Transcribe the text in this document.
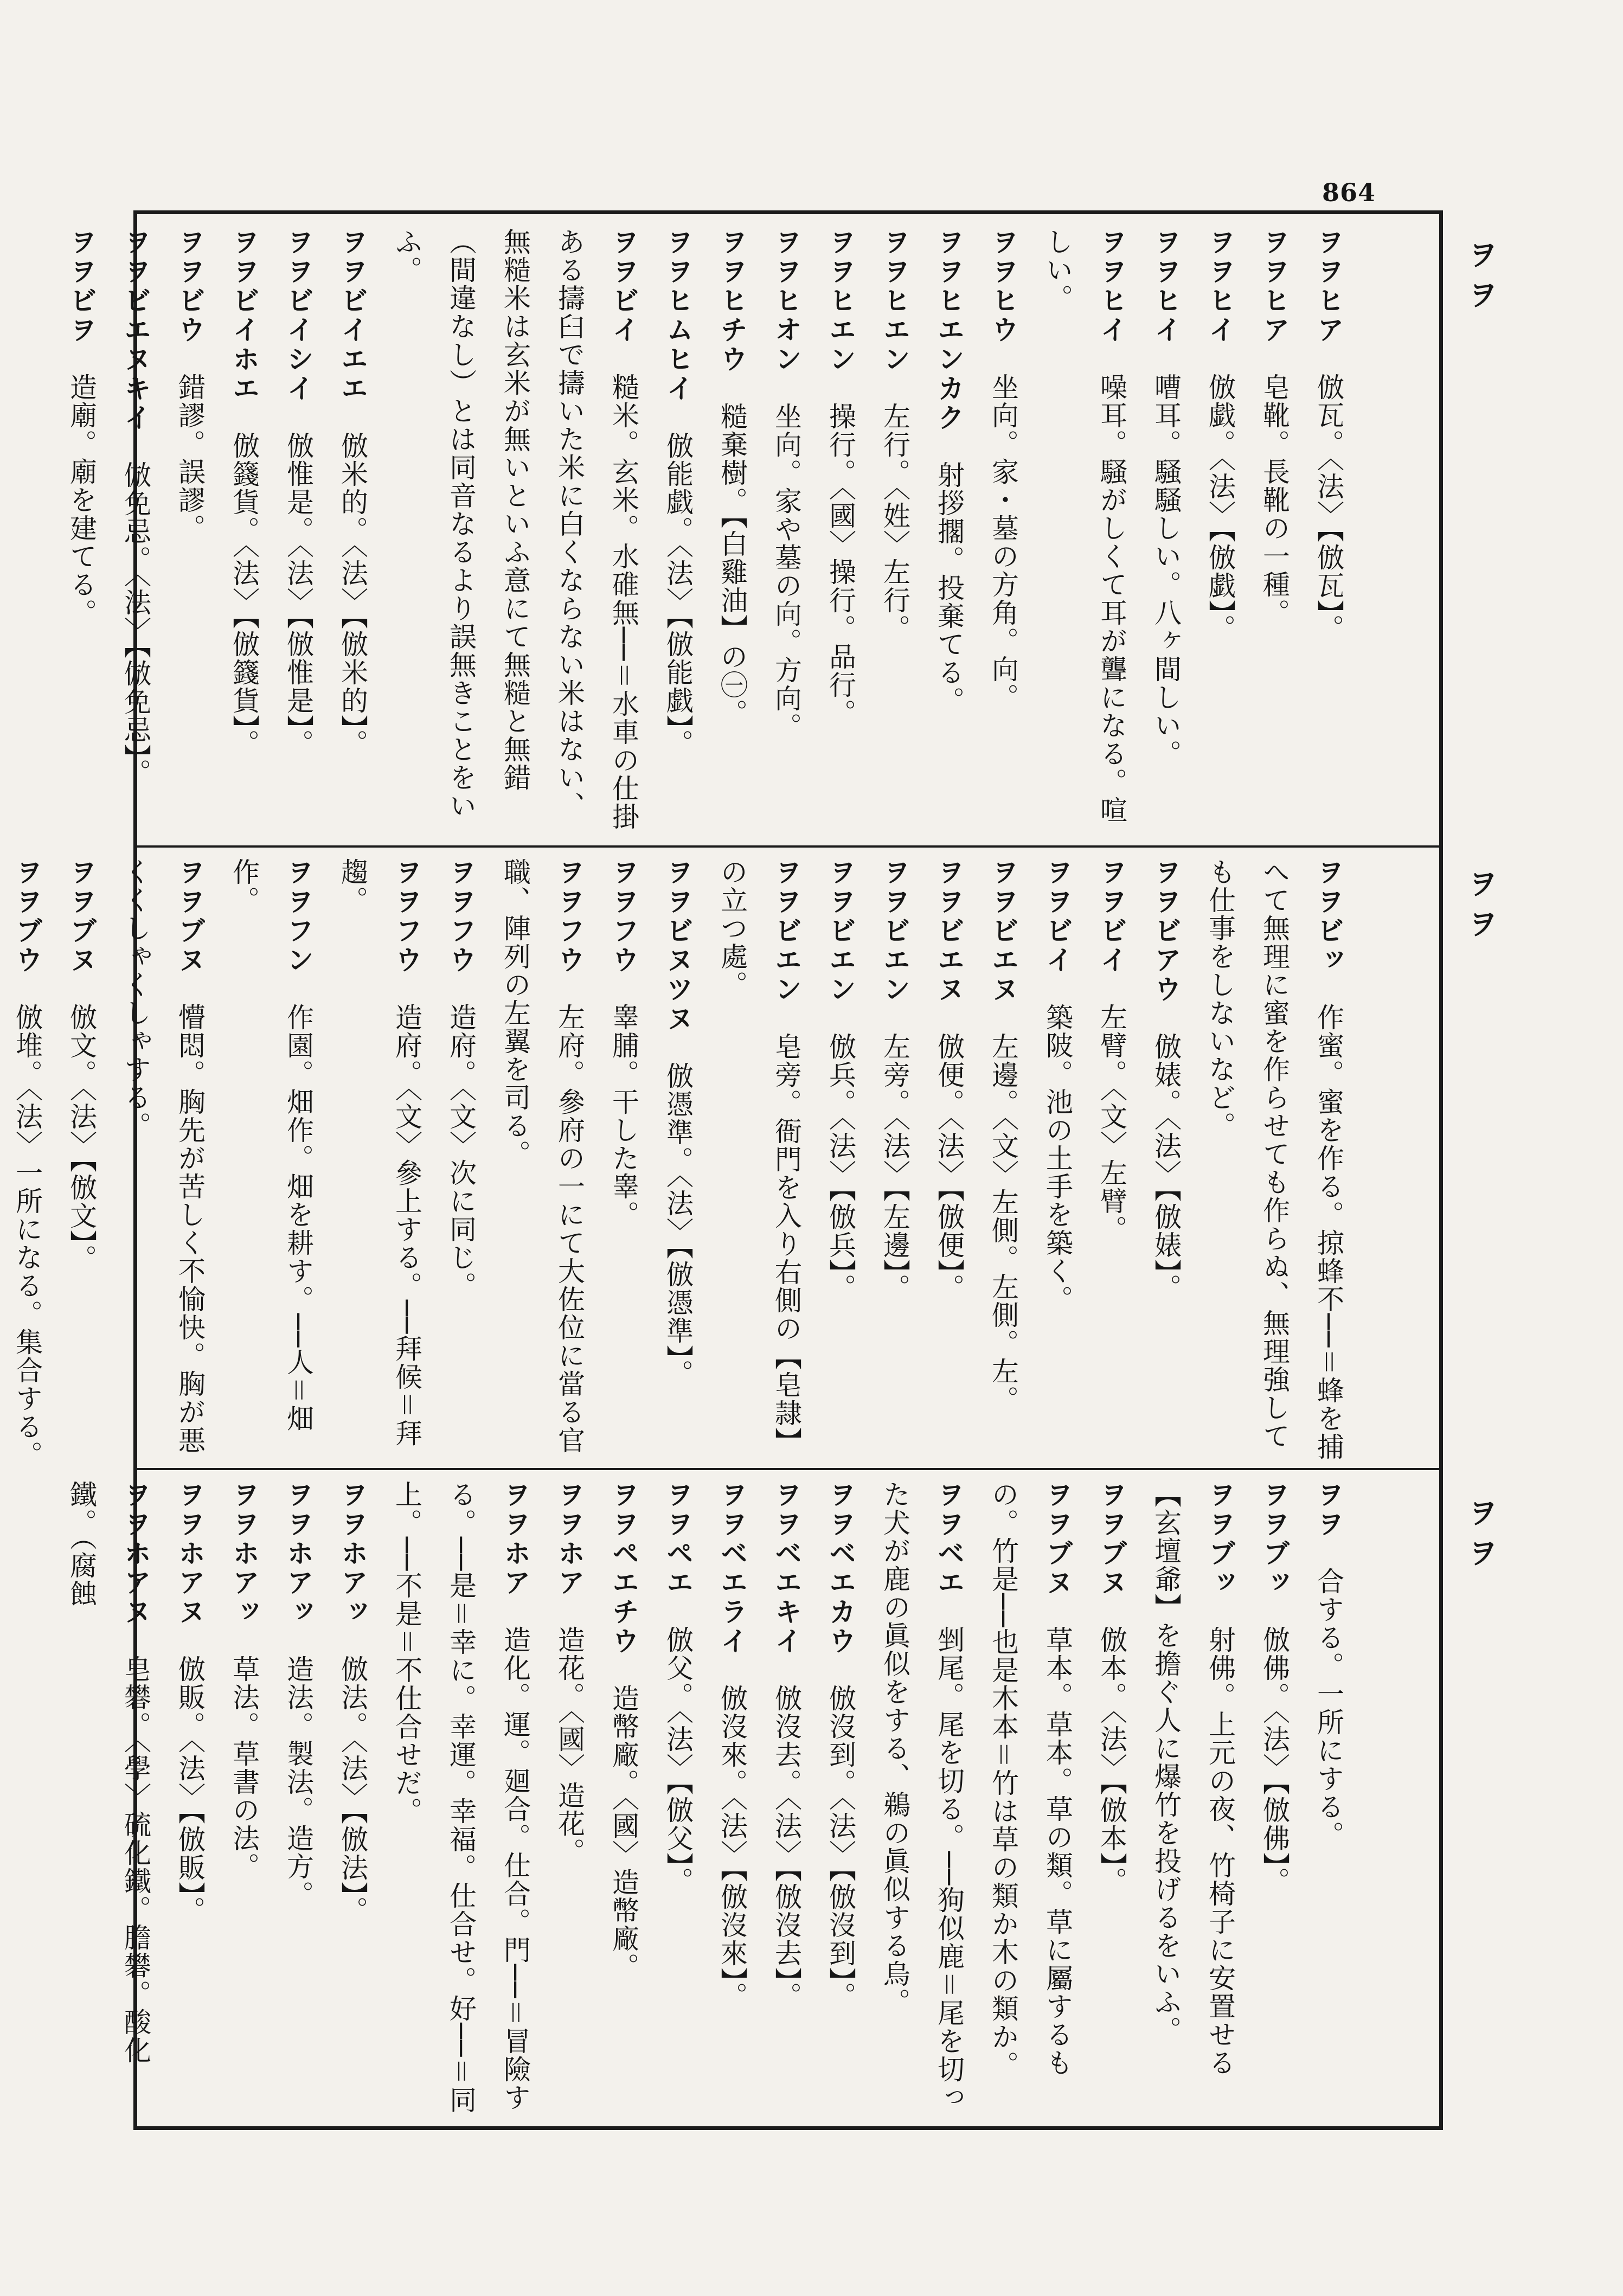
864
ヲヲ
ヲヲ
ヲヲ
ヲヲヒア　倣瓦。〈法〉【倣瓦】。
ヲヲヒア　皂靴。長靴の一種。
ヲヲヒイ　倣戯。〈法〉【倣戯】。
ヲヲヒイ　嘈耳。騒騒しい。八ヶ間しい。
ヲヲヒイ　噪耳。騒がしくて耳が聾になる。喧しい。
ヲヲヒウ　坐向。家・墓の方角。向。
ヲヲヒエンカク　射拶擱。投棄てる。
ヲヲヒエン　左行。〈姓〉左行。
ヲヲヒエン　操行。〈國〉操行。品行。
ヲヲヒオン　坐向。家や墓の向。方向。
ヲヲヒチウ　糙棄樹。【白雞油】の㊀。
ヲヲヒムヒイ　倣能戯。〈法〉【倣能戯】。
ヲヲビイ　糙米。玄米。水碓無──＝水車の仕掛ある擣臼で擣いた米に白くならない米はない、無糙米は玄米が無いといふ意にて無糙と無錯（間違なし）とは同音なるより誤無きことをいふ。
ヲヲビイエエ　倣米的。〈法〉【倣米的】。
ヲヲビイシイ　倣惟是。〈法〉【倣惟是】。
ヲヲビイホエ　倣籛貨。〈法〉【倣籛貨】。
ヲヲビウ　錯謬。誤謬。
ヲヲビエヌキイ　倣免忌。〈法〉【倣免忌】。
ヲヲビヲ　造廟。廟を建てる。
ヲヲビッ　作蜜。蜜を作る。掠蜂不──＝蜂を捕へて無理に蜜を作らせても作らぬ、無理強しても仕事をしないなど。
ヲヲビアウ　倣婊。〈法〉【倣婊】。
ヲヲビイ　左臂。〈文〉左臂。
ヲヲビイ　築陂。池の土手を築く。
ヲヲビエヌ　左邊。〈文〉左側。左側。左。
ヲヲビエヌ　倣便。〈法〉【倣便】。
ヲヲビエン　左旁。〈法〉【左邊】。
ヲヲビエン　倣兵。〈法〉【倣兵】。
ヲヲビエン　皂旁。衙門を入り右側の【皂隷】の立つ處。
ヲヲビヌツヌ　倣憑準。〈法〉【倣憑準】。
ヲヲフウ　睾脯。干した睾。
ヲヲフウ　左府。參府の一にて大佐位に當る官職、陣列の左翼を司る。
ヲヲフウ　造府。〈文〉次に同じ。
ヲヲフウ　造府。〈文〉參上する。──拜候＝拜趨。
ヲヲフン　作園。畑作。畑を耕す。──人＝畑作。
ヲヲブヌ　懵悶。胸先が苦しく不愉快。胸が悪くくしゃくしゃする。
ヲヲブヌ　倣文。〈法〉【倣文】。
ヲヲブウ　倣堆。〈法〉一所になる。集合する。
ヲヲ　合する。一所にする。
ヲヲブッ　倣佛。〈法〉【倣佛】。
ヲヲブッ　射佛。上元の夜、竹椅子に安置せる【玄壇爺】を擔ぐ人に爆竹を投げるをいふ。
ヲヲブヌ　倣本。〈法〉【倣本】。
ヲヲブヌ　草本。草本。草の類。草に屬するもの。竹是──也是木本＝竹は草の類か木の類か。
ヲヲベエ　剉尾。尾を切る。──狗似鹿＝尾を切った犬が鹿の眞似をする、鵜の眞似する烏。
ヲヲベエカウ　倣沒到。〈法〉【倣沒到】。
ヲヲベエキイ　倣沒去。〈法〉【倣沒去】。
ヲヲベエライ　倣沒來。〈法〉【倣沒來】。
ヲヲペエ　倣父。〈法〉【倣父】。
ヲヲペエチウ　造幣廠。〈國〉造幣廠。
ヲヲホア　造花。〈國〉造花。
ヲヲホア　造化。運。廻合。仕合。門──＝冒險する。──是＝幸に。幸運。幸福。仕合せ。好──＝同上。──不是＝不仕合せだ。
ヲヲホアッ　倣法。〈法〉【倣法】。
ヲヲホアッ　造法。製法。造方。
ヲヲホアッ　草法。草書の法。
ヲヲホアヌ　倣販。〈法〉【倣販】。
ヲヲホアヌ　皂礬。〈學〉硫化鐵。膽礬。酸化鐵。（腐蝕
